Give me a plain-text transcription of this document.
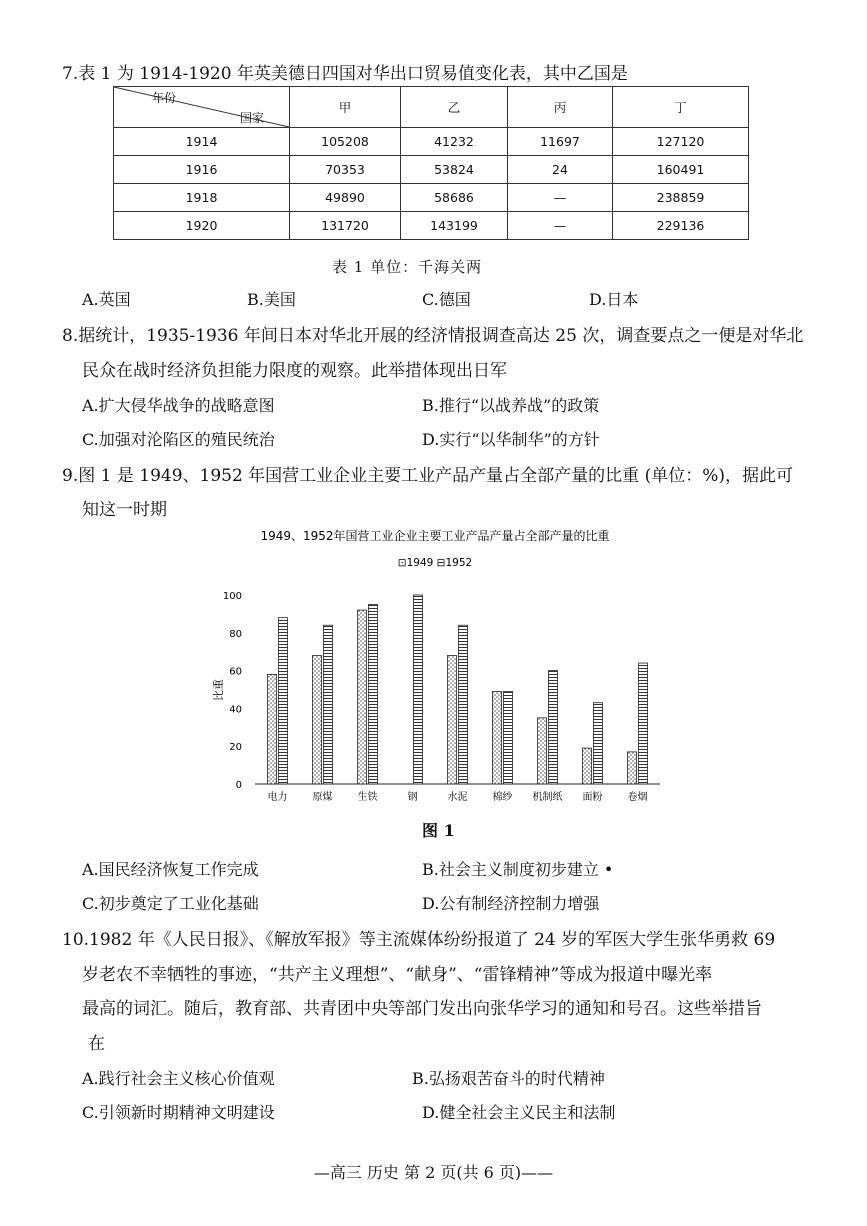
7.表 1 为 1914-1920 年英美德日四国对华出口贸易值变化表，其中乙国是
年份
国家	甲	乙	丙	丁
1914	105208	41232	11697	127120
1916	70353	53824	24	160491
1918	49890	58686	—	238859
1920	131720	143199	—	229136
表 1 单位：千海关两
A.英国	B.美国	C.德国	D.日本
8.据统计，1935-1936 年间日本对华北开展的经济情报调查高达 25 次，调查要点之一便是对华北
民众在战时经济负担能力限度的观察。此举措体现出日军
A.扩大侵华战争的战略意图	B.推行“以战养战”的政策
C.加强对沦陷区的殖民统治	D.实行“以华制华”的方针
9.图 1 是 1949、1952 年国营工业企业主要工业产品产量占全部产量的比重 (单位：%)，据此可
知这一时期
1949、1952年国营工业企业主要工业产品产量占全部产量的比重
⊡1949 ⊟1952
比重
0
20
40
60
80
100
电力	原煤	生铁	钢	水泥	棉纱 机制纸 面粉	卷烟
图 1
A.国民经济恢复工作完成	B.社会主义制度初步建立 •
C.初步奠定了工业化基础	D.公有制经济控制力增强
10.1982 年《人民日报》、《解放军报》等主流媒体纷纷报道了 24 岁的军医大学生张华勇救 69
岁老农不幸牺牲的事迹，“共产主义理想”、“献身”、“雷锋精神”等成为报道中曝光率
最高的词汇。随后，教育部、共青团中央等部门发出向张华学习的通知和号召。这些举措旨
在
A.践行社会主义核心价值观	B.弘扬艰苦奋斗的时代精神
C.引领新时期精神文明建设	D.健全社会主义民主和法制
—高三 历史 第 2 页(共 6 页)——
